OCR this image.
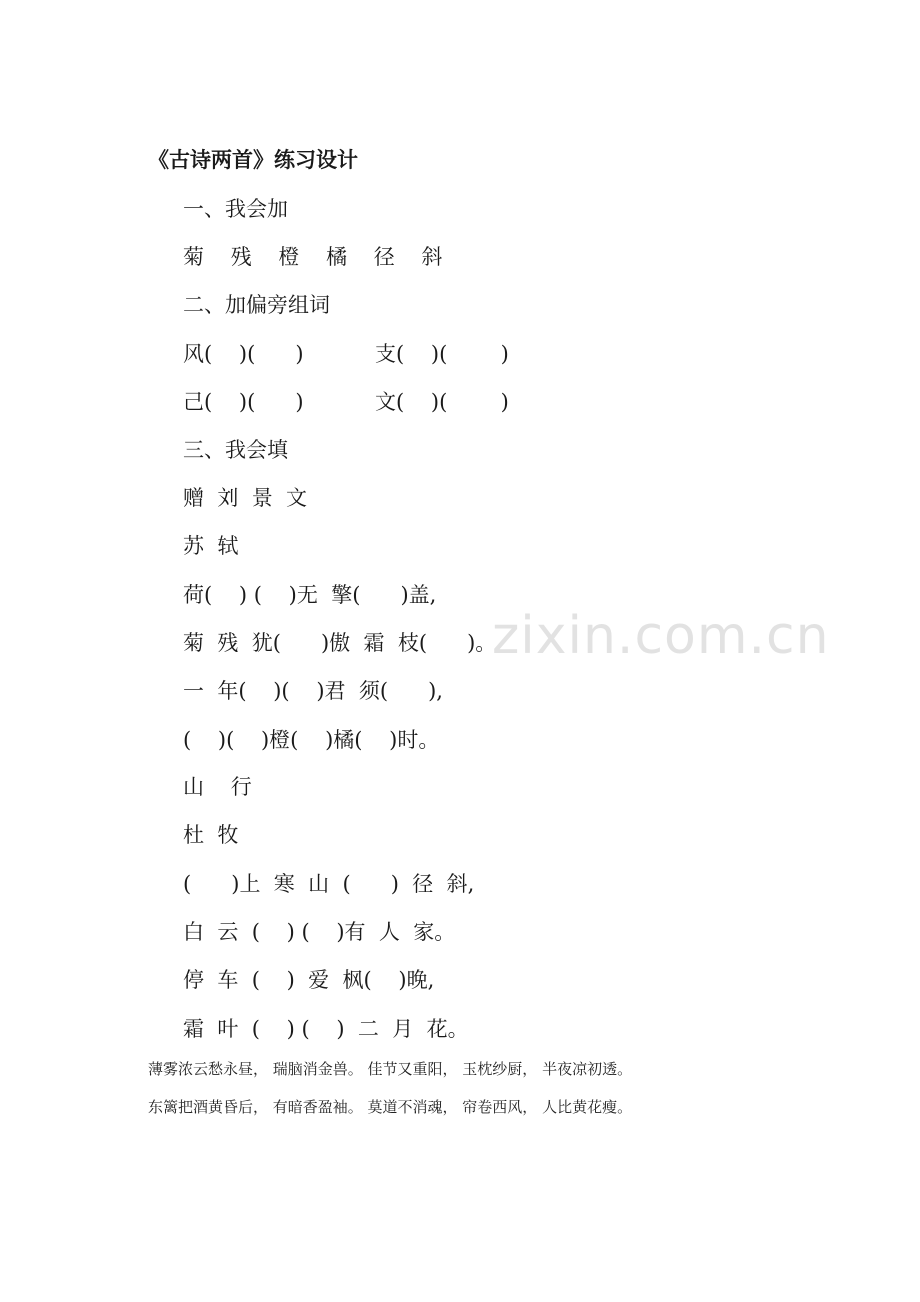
《古诗两首》练习设计
一、我会加
菊    残    橙    橘    径    斜
二、加偏旁组词
风(    )(      )	支(    )(        )
己(    )(      )	文(    )(        )
三、我会填
赠  刘  景  文
苏  轼
荷(    ) (    )无  擎(      )盖,
菊  残  犹(      )傲  霜  枝(      )。
一  年(    )(    )君  须(      ),
(    )(    )橙(    )橘(    )时。
山    行
杜  牧
(      )上  寒  山  (      )  径  斜,
白  云  (    ) (    )有  人  家。
停  车  (    )  爱  枫(    )晚,
霜  叶  (    ) (    )  二  月  花。
薄雾浓云愁永昼， 瑞脑消金兽。 佳节又重阳， 玉枕纱厨， 半夜凉初透。
东篱把酒黄昏后， 有暗香盈袖。 莫道不消魂， 帘卷西风， 人比黄花瘦。
zixin.com.cn
